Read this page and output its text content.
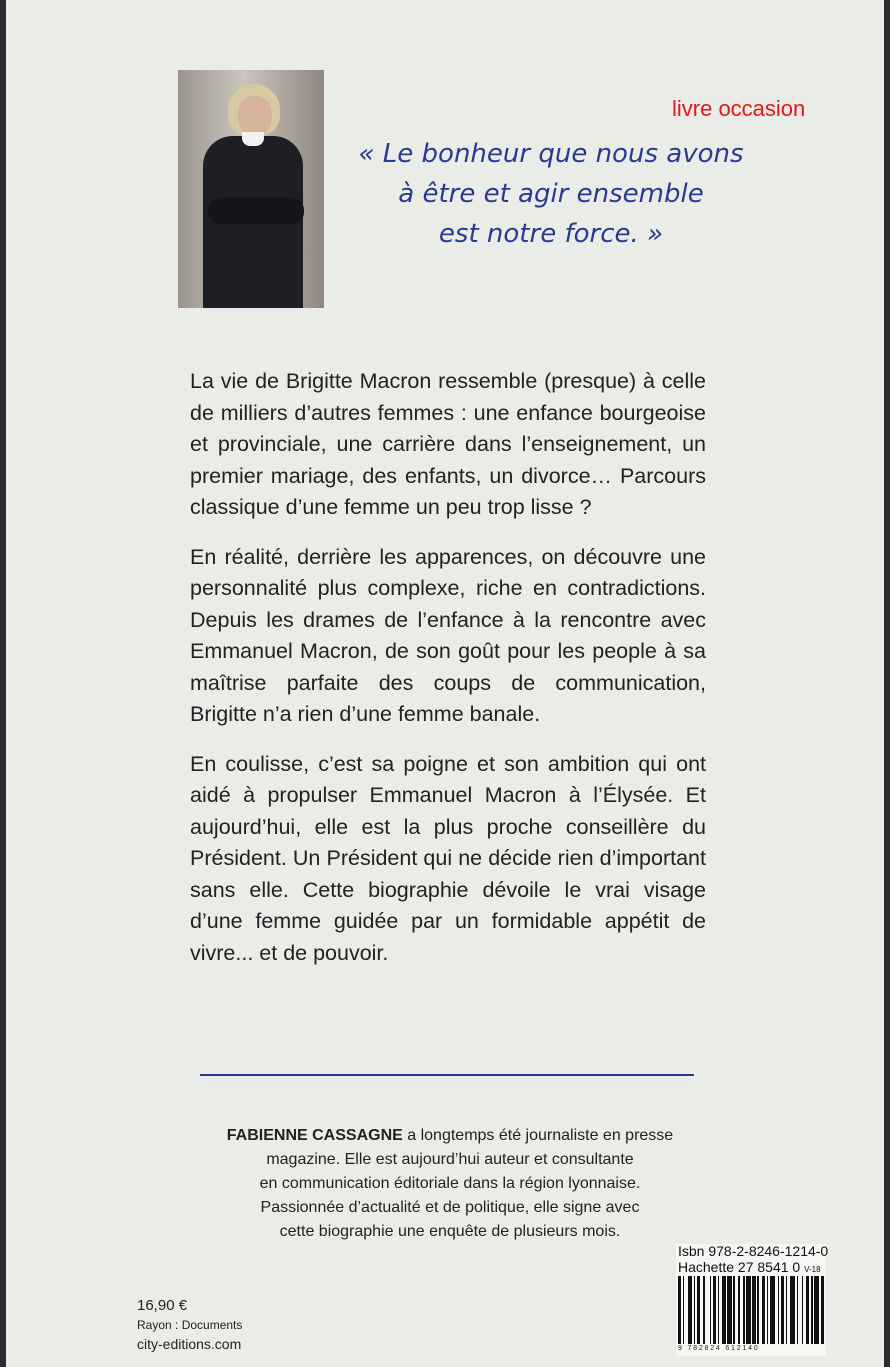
livre occasion
« Le bonheur que nous avons
à être et agir ensemble
est notre force. »

La vie de Brigitte Macron ressemble (presque) à celle de milliers d’autres femmes : une enfance bourgeoise et provinciale, une carrière dans l’enseignement, un premier mariage, des enfants, un divorce… Parcours classique d’une femme un peu trop lisse ?

En réalité, derrière les apparences, on découvre une personnalité plus complexe, riche en contradictions. Depuis les drames de l’enfance à la rencontre avec Emmanuel Macron, de son goût pour les people à sa maîtrise parfaite des coups de communication, Brigitte n’a rien d’une femme banale.

En coulisse, c’est sa poigne et son ambition qui ont aidé à propulser Emmanuel Macron à l’Élysée. Et aujourd’hui, elle est la plus proche conseillère du Président. Un Président qui ne décide rien d’important sans elle. Cette biographie dévoile le vrai visage d’une femme guidée par un formidable appétit de vivre... et de pouvoir.

FABIENNE CASSAGNE a longtemps été journaliste en presse
magazine. Elle est aujourd’hui auteur et consultante
en communication éditoriale dans la région lyonnaise.
Passionnée d’actualité et de politique, elle signe avec
cette biographie une enquête de plusieurs mois.
16,90 €
Rayon : Documents
city-editions.com
Isbn 978-2-8246-1214-0
Hachette 27 8541 0 V-18
9 782824 612140
